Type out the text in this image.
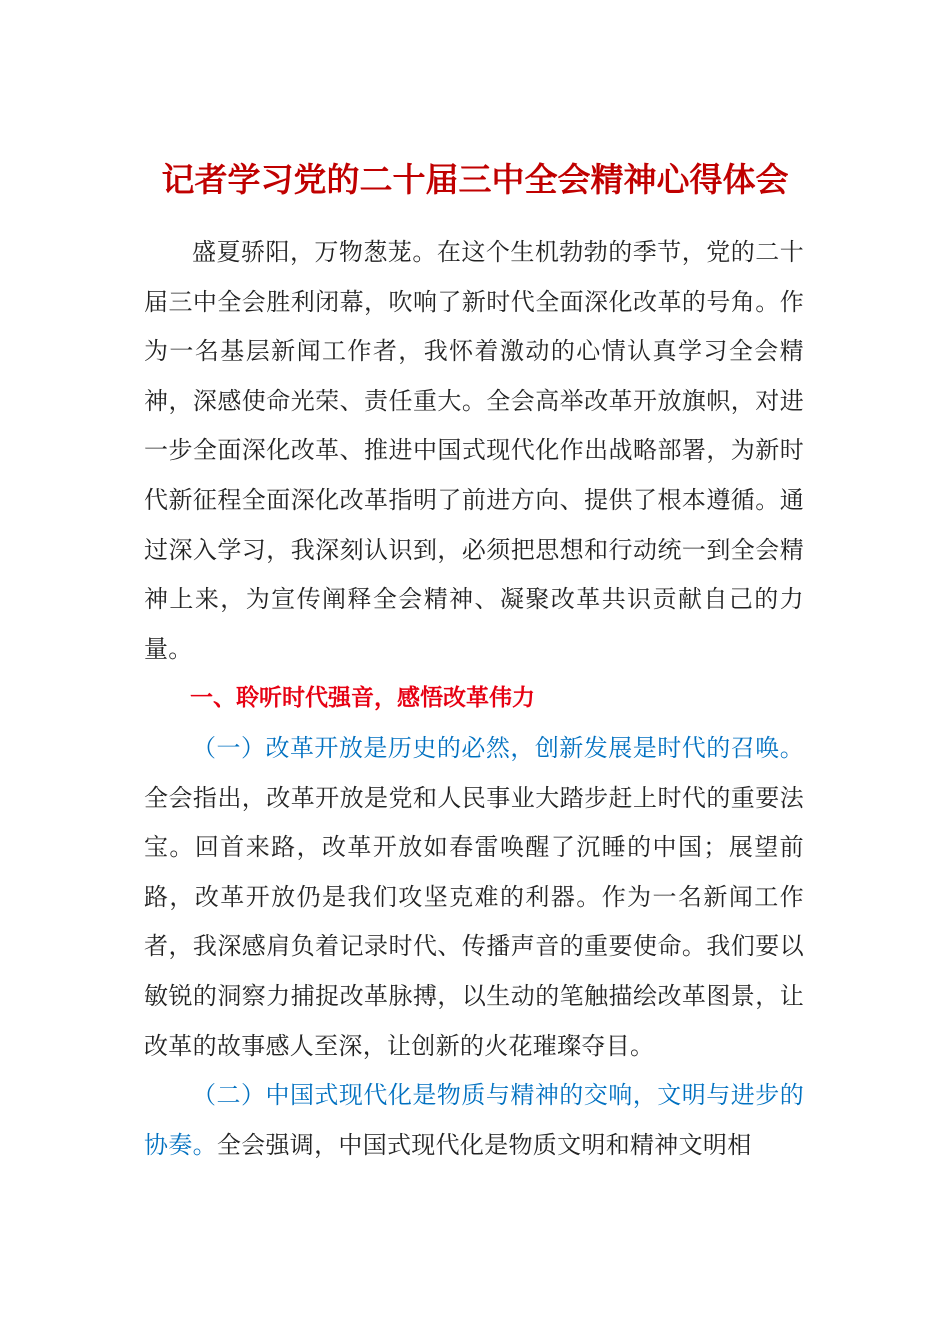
记者学习党的二十届三中全会精神心得体会

盛夏骄阳，万物葱茏。在这个生机勃勃的季节，党的二十届三中全会胜利闭幕，吹响了新时代全面深化改革的号角。作为一名基层新闻工作者，我怀着激动的心情认真学习全会精神，深感使命光荣、责任重大。全会高举改革开放旗帜，对进一步全面深化改革、推进中国式现代化作出战略部署，为新时代新征程全面深化改革指明了前进方向、提供了根本遵循。通过深入学习，我深刻认识到，必须把思想和行动统一到全会精神上来，为宣传阐释全会精神、凝聚改革共识贡献自己的力量。

一、聆听时代强音，感悟改革伟力

（一）改革开放是历史的必然，创新发展是时代的召唤。全会指出，改革开放是党和人民事业大踏步赶上时代的重要法宝。回首来路，改革开放如春雷唤醒了沉睡的中国；展望前路，改革开放仍是我们攻坚克难的利器。作为一名新闻工作者，我深感肩负着记录时代、传播声音的重要使命。我们要以敏锐的洞察力捕捉改革脉搏，以生动的笔触描绘改革图景，让改革的故事感人至深，让创新的火花璀璨夺目。

（二）中国式现代化是物质与精神的交响，文明与进步的协奏。全会强调，中国式现代化是物质文明和精神文明相
